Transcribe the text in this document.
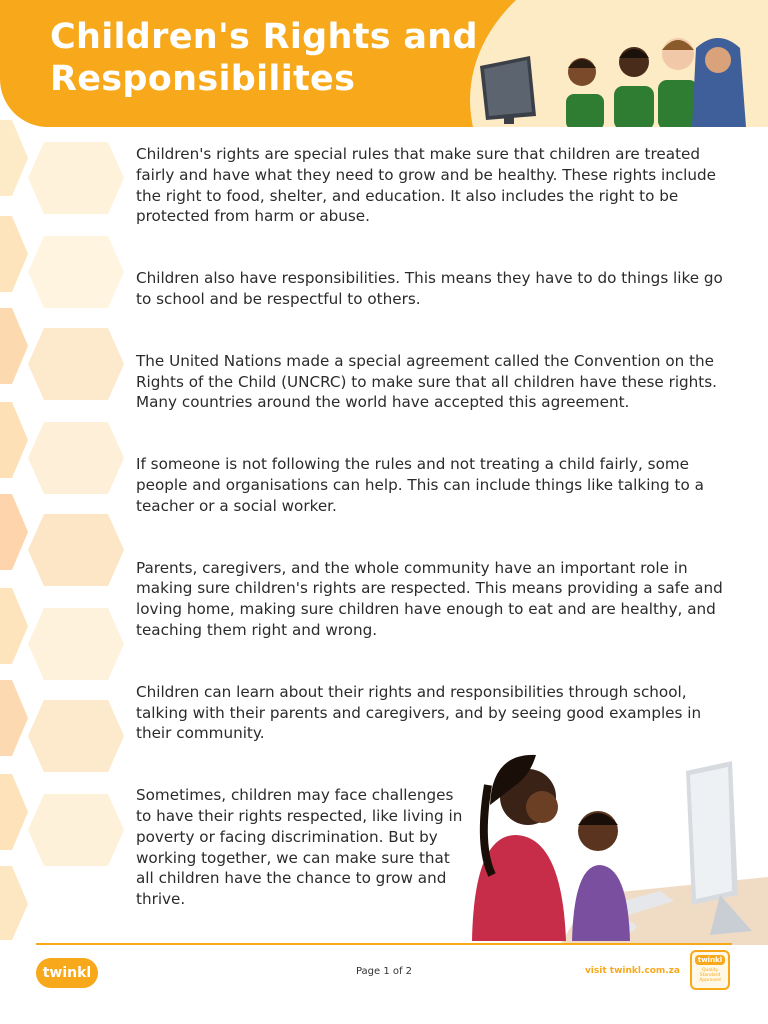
Children's Rights and
Responsibilites

Children's rights are special rules that make sure that children are treated fairly and have what they need to grow and be healthy. These rights include the right to food, shelter, and education. It also includes the right to be protected from harm or abuse.

Children also have responsibilities. This means they have to do things like go to school and be respectful to others.

The United Nations made a special agreement called the Convention on the Rights of the Child (UNCRC) to make sure that all children have these rights. Many countries around the world have accepted this agreement.

If someone is not following the rules and not treating a child fairly, some people and organisations can help. This can include things like talking to a teacher or a social worker.

Parents, caregivers, and the whole community have an important role in making sure children's rights are respected. This means providing a safe and loving home, making sure children have enough to eat and are healthy, and teaching them right and wrong.

Children can learn about their rights and responsibilities through school, talking with their parents and caregivers, and by seeing good examples in their community.

Sometimes, children may face challenges to have their rights respected, like living in poverty or facing discrimination. But by working together, we can make sure that all children have the chance to grow and thrive.

twinkl	Page 1 of 2	visit twinkl.com.za
twinkl
Quality Standard Approved
